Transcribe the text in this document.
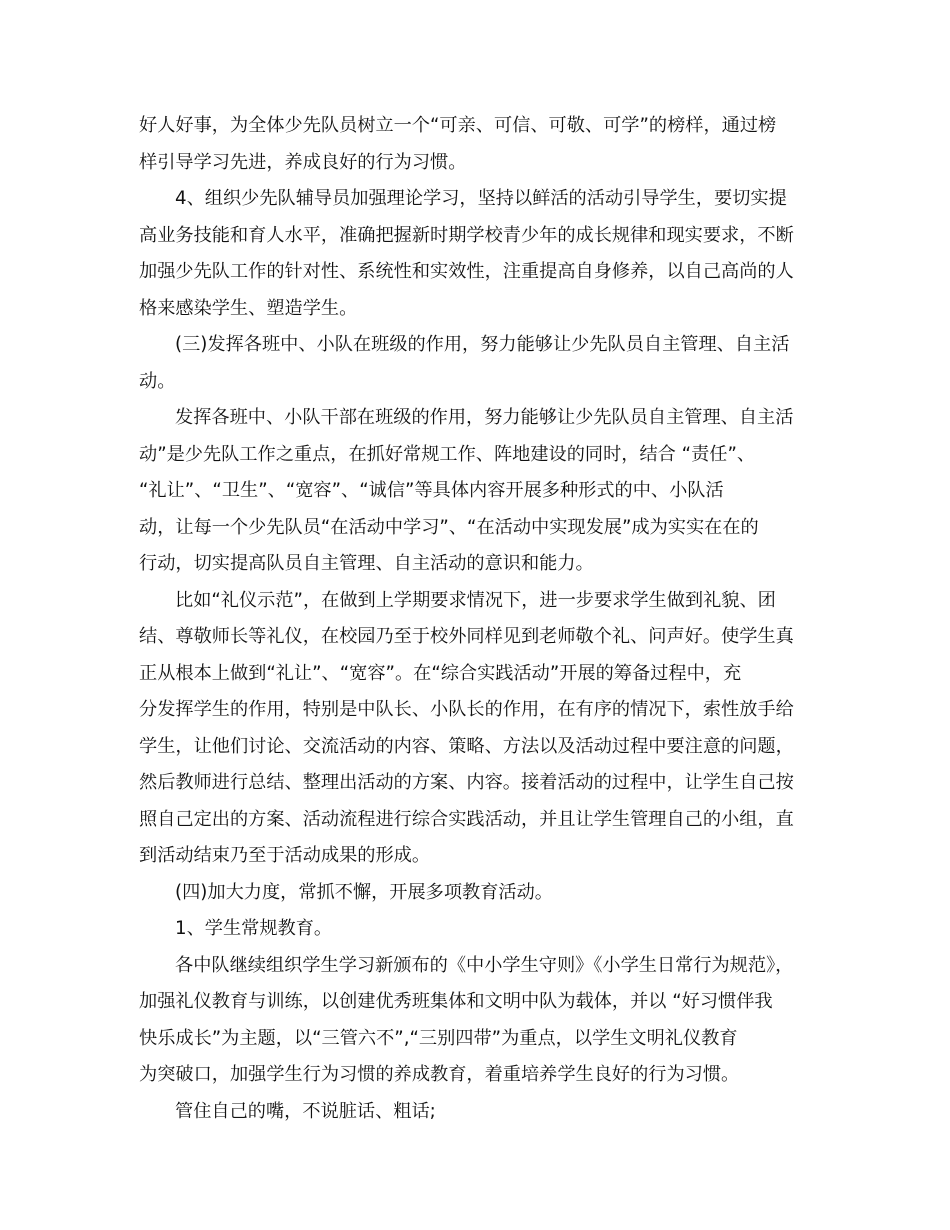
好人好事，为全体少先队员树立一个“可亲、可信、可敬、可学”的榜样，通过榜
样引导学习先进，养成良好的行为习惯。
4、组织少先队辅导员加强理论学习，坚持以鲜活的活动引导学生，要切实提
高业务技能和育人水平，准确把握新时期学校青少年的成长规律和现实要求，不断
加强少先队工作的针对性、系统性和实效性，注重提高自身修养，以自己高尚的人
格来感染学生、塑造学生。
(三)发挥各班中、小队在班级的作用，努力能够让少先队员自主管理、自主活
动。
发挥各班中、小队干部在班级的作用，努力能够让少先队员自主管理、自主活
动”是少先队工作之重点，在抓好常规工作、阵地建设的同时，结合 “责任”、
“礼让”、“卫生”、“宽容”、“诚信”等具体内容开展多种形式的中、小队活
动，让每一个少先队员“在活动中学习”、“在活动中实现发展”成为实实在在的
行动，切实提高队员自主管理、自主活动的意识和能力。
比如“礼仪示范”，在做到上学期要求情况下，进一步要求学生做到礼貌、团
结、尊敬师长等礼仪，在校园乃至于校外同样见到老师敬个礼、问声好。使学生真
正从根本上做到“礼让”、“宽容”。在“综合实践活动”开展的筹备过程中，充
分发挥学生的作用，特别是中队长、小队长的作用，在有序的情况下，索性放手给
学生，让他们讨论、交流活动的内容、策略、方法以及活动过程中要注意的问题，
然后教师进行总结、整理出活动的方案、内容。接着活动的过程中，让学生自己按
照自己定出的方案、活动流程进行综合实践活动，并且让学生管理自己的小组，直
到活动结束乃至于活动成果的形成。
(四)加大力度，常抓不懈，开展多项教育活动。
1、学生常规教育。
各中队继续组织学生学习新颁布的《中小学生守则》《小学生日常行为规范》，
加强礼仪教育与训练，以创建优秀班集体和文明中队为载体，并以 “好习惯伴我
快乐成长”为主题，以“三管六不”,“三别四带”为重点，以学生文明礼仪教育
为突破口，加强学生行为习惯的养成教育，着重培养学生良好的行为习惯。
管住自己的嘴，不说脏话、粗话;
